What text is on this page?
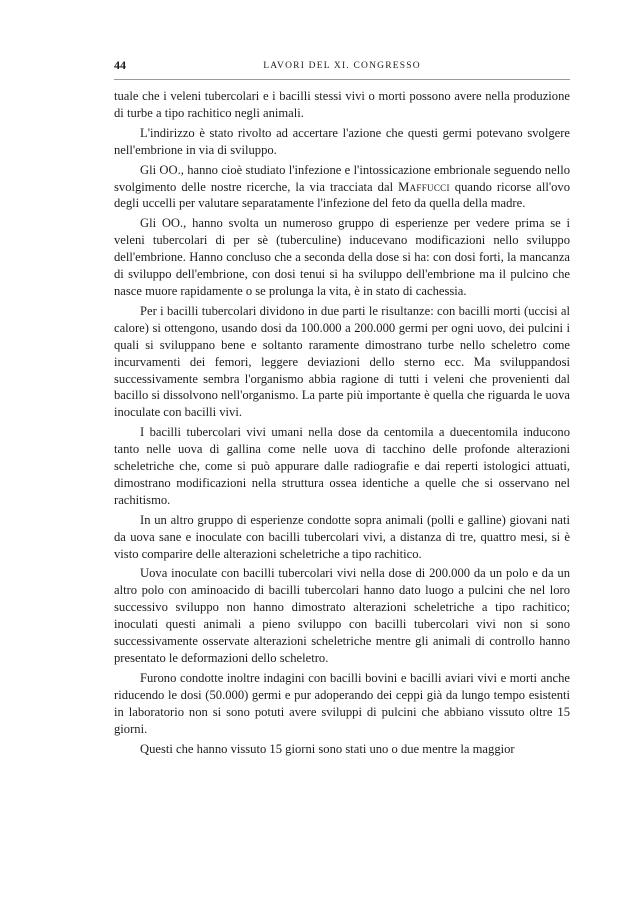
44	LAVORI DEL XI. CONGRESSO

tuale che i veleni tubercolari e i bacilli stessi vivi o morti possono avere nella produzione di turbe a tipo rachitico negli animali.

L'indirizzo è stato rivolto ad accertare l'azione che questi germi potevano svolgere nell'embrione in via di sviluppo.

Gli OO., hanno cioè studiato l'infezione e l'intossicazione embrionale seguendo nello svolgimento delle nostre ricerche, la via tracciata dal Maffucci quando ricorse all'ovo degli uccelli per valutare separatamente l'infezione del feto da quella della madre.

Gli OO., hanno svolta un numeroso gruppo di esperienze per vedere prima se i veleni tubercolari di per sè (tuberculine) inducevano modificazioni nello sviluppo dell'embrione. Hanno concluso che a seconda della dose si ha: con dosi forti, la mancanza di sviluppo dell'embrione, con dosi tenui si ha sviluppo dell'embrione ma il pulcino che nasce muore rapidamente o se prolunga la vita, è in stato di cachessia.

Per i bacilli tubercolari dividono in due parti le risultanze: con bacilli morti (uccisi al calore) si ottengono, usando dosi da 100.000 a 200.000 germi per ogni uovo, dei pulcini i quali si sviluppano bene e soltanto raramente dimostrano turbe nello scheletro come incurvamenti dei femori, leggere deviazioni dello sterno ecc. Ma sviluppandosi successivamente sembra l'organismo abbia ragione di tutti i veleni che provenienti dal bacillo si dissolvono nell'organismo. La parte più importante è quella che riguarda le uova inoculate con bacilli vivi.

I bacilli tubercolari vivi umani nella dose da centomila a duecentomila inducono tanto nelle uova di gallina come nelle uova di tacchino delle profonde alterazioni scheletriche che, come si può appurare dalle radiografie e dai reperti istologici attuati, dimostrano modificazioni nella struttura ossea identiche a quelle che si osservano nel rachitismo.

In un altro gruppo di esperienze condotte sopra animali (polli e galline) giovani nati da uova sane e inoculate con bacilli tubercolari vivi, a distanza di tre, quattro mesi, si è visto comparire delle alterazioni scheletriche a tipo rachitico.

Uova inoculate con bacilli tubercolari vivi nella dose di 200.000 da un polo e da un altro polo con aminoacido di bacilli tubercolari hanno dato luogo a pulcini che nel loro successivo sviluppo non hanno dimostrato alterazioni scheletriche a tipo rachitico; inoculati questi animali a pieno sviluppo con bacilli tubercolari vivi non si sono successivamente osservate alterazioni scheletriche mentre gli animali di controllo hanno presentato le deformazioni dello scheletro.

Furono condotte inoltre indagini con bacilli bovini e bacilli aviari vivi e morti anche riducendo le dosi (50.000) germi e pur adoperando dei ceppi già da lungo tempo esistenti in laboratorio non si sono potuti avere sviluppi di pulcini che abbiano vissuto oltre 15 giorni.

Questi che hanno vissuto 15 giorni sono stati uno o due mentre la maggior
